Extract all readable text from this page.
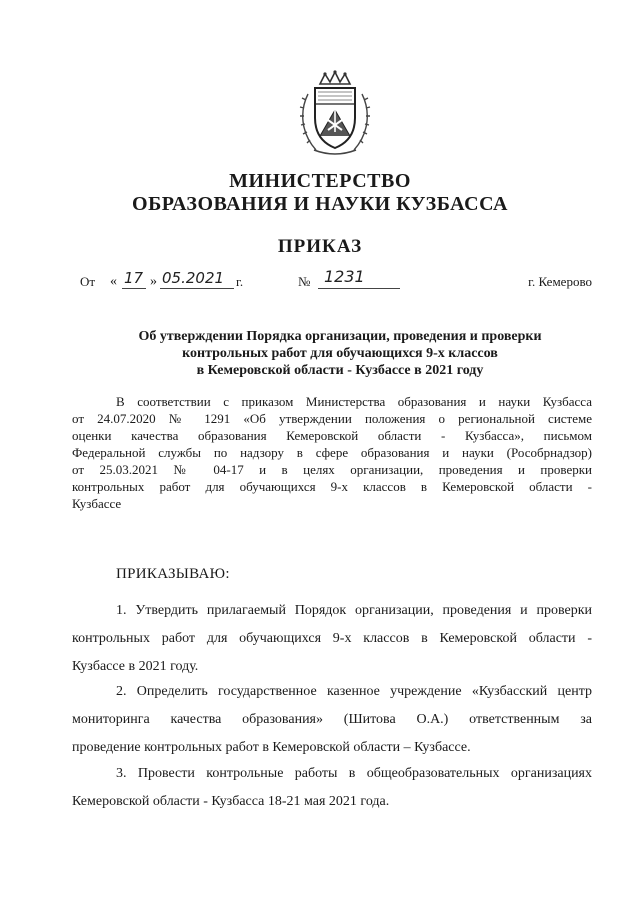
МИНИСТЕРСТВО
ОБРАЗОВАНИЯ И НАУКИ КУЗБАССА
ПРИКАЗ
От « 17 » 05.2021 г.	№ 1231	г. Кемерово
Об утверждении Порядка организации, проведения и проверки
контрольных работ для обучающихся 9-х классов
в Кемеровской области - Кузбассе в 2021 году
В соответствии с приказом Министерства образования и науки Кузбасса
от 24.07.2020 № 1291 «Об утверждении положения о региональной системе
оценки качества образования Кемеровской области - Кузбасса», письмом
Федеральной службы по надзору в сфере образования и науки (Рособрнадзор)
от 25.03.2021 № 04-17 и в целях организации, проведения и проверки
контрольных работ для обучающихся 9-х классов в Кемеровской области -
Кузбассе
ПРИКАЗЫВАЮ:
1. Утвердить прилагаемый Порядок организации, проведения и проверки
контрольных работ для обучающихся 9-х классов в Кемеровской области -
Кузбассе в 2021 году.
2. Определить государственное казенное учреждение «Кузбасский центр
мониторинга качества образования» (Шитова О.А.) ответственным за
проведение контрольных работ в Кемеровской области – Кузбассе.
3. Провести контрольные работы в общеобразовательных организациях
Кемеровской области - Кузбасса 18-21 мая 2021 года.
